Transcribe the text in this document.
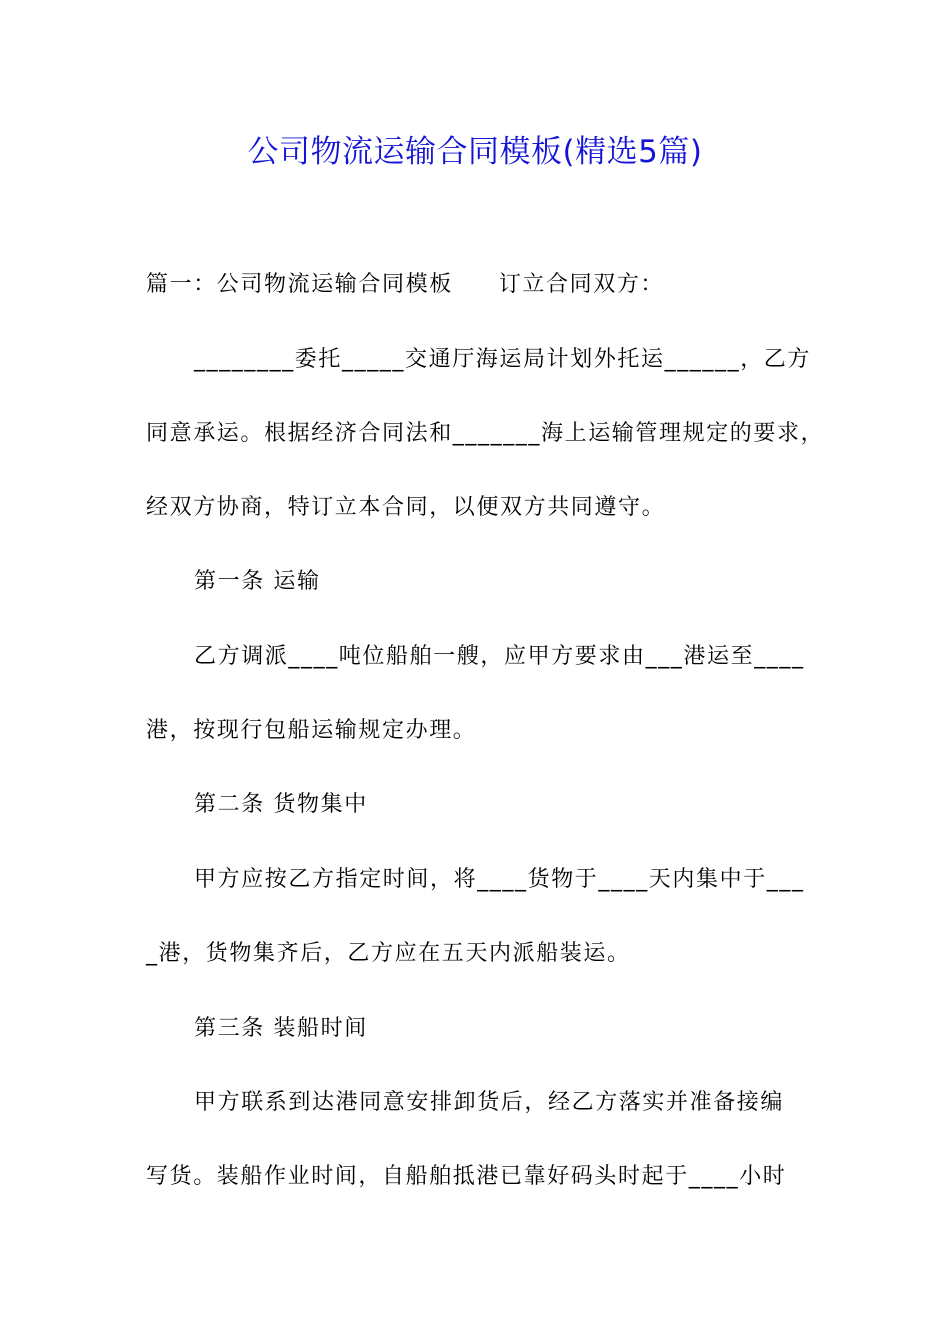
公司物流运输合同模板(精选5篇)

篇一：公司物流运输合同模板 订立合同双方：

________委托_____交通厅海运局计划外托运______，乙方

同意承运。根据经济合同法和_______海上运输管理规定的要求，

经双方协商，特订立本合同，以便双方共同遵守。

第一条 运输

乙方调派____吨位船舶一艘，应甲方要求由___港运至____

港，按现行包船运输规定办理。

第二条 货物集中

甲方应按乙方指定时间，将____货物于____天内集中于___

_港，货物集齐后，乙方应在五天内派船装运。

第三条 装船时间

甲方联系到达港同意安排卸货后，经乙方落实并准备接编

写货。装船作业时间，自船舶抵港已靠好码头时起于____小时
